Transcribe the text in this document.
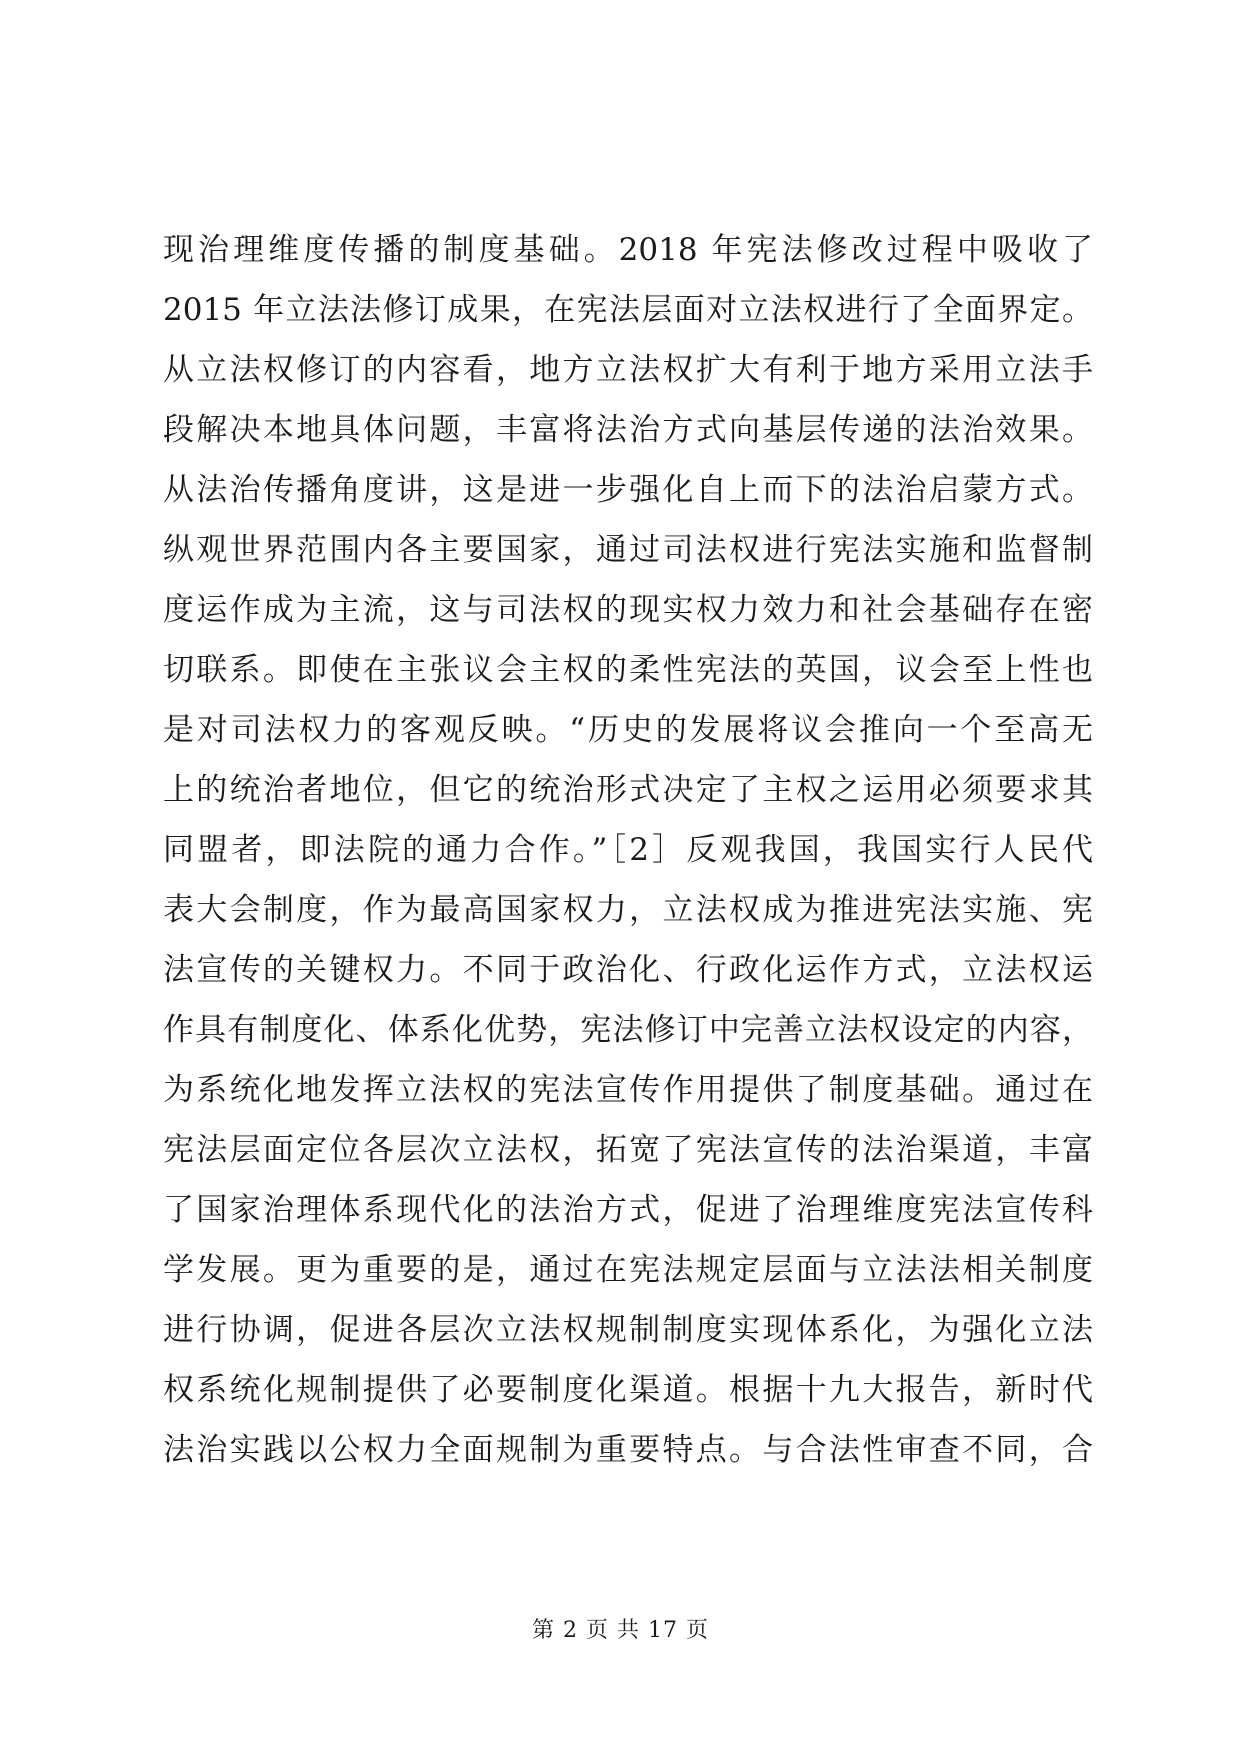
现治理维度传播的制度基础。2018 年宪法修改过程中吸收了
2015 年立法法修订成果，在宪法层面对立法权进行了全面界定。
从立法权修订的内容看，地方立法权扩大有利于地方采用立法手
段解决本地具体问题，丰富将法治方式向基层传递的法治效果。
从法治传播角度讲，这是进一步强化自上而下的法治启蒙方式。
纵观世界范围内各主要国家，通过司法权进行宪法实施和监督制
度运作成为主流，这与司法权的现实权力效力和社会基础存在密
切联系。即使在主张议会主权的柔性宪法的英国，议会至上性也
是对司法权力的客观反映。“历史的发展将议会推向一个至高无
上的统治者地位，但它的统治形式决定了主权之运用必须要求其
同盟者，即法院的通力合作。”［2］反观我国，我国实行人民代
表大会制度，作为最高国家权力，立法权成为推进宪法实施、宪
法宣传的关键权力。不同于政治化、行政化运作方式，立法权运
作具有制度化、体系化优势，宪法修订中完善立法权设定的内容，
为系统化地发挥立法权的宪法宣传作用提供了制度基础。通过在
宪法层面定位各层次立法权，拓宽了宪法宣传的法治渠道，丰富
了国家治理体系现代化的法治方式，促进了治理维度宪法宣传科
学发展。更为重要的是，通过在宪法规定层面与立法法相关制度
进行协调，促进各层次立法权规制制度实现体系化，为强化立法
权系统化规制提供了必要制度化渠道。根据十九大报告，新时代
法治实践以公权力全面规制为重要特点。与合法性审查不同，合
第 2 页 共 17 页
